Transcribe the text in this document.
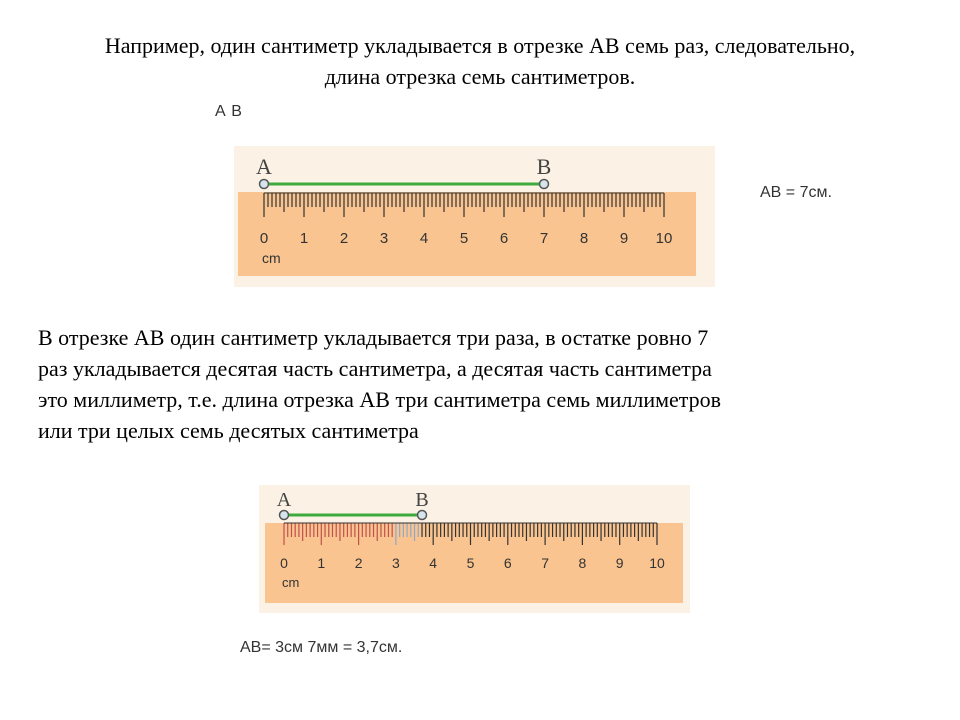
Например, один сантиметр укладывается в отрезке АВ семь раз, следовательно,
длина отрезка семь сантиметров.

A B
0 1 2 3 4 5 6 7 8 9 10
cm
A	B
AB = 7см.

В отрезке АВ один сантиметр укладывается три раза, в остатке ровно 7
раз укладывается десятая часть сантиметра, а десятая часть сантиметра
это миллиметр, т.е. длина отрезка АВ три сантиметра семь миллиметров
или три целых семь десятых сантиметра

0 1 2 3 4 5 6 7 8 9 10
cm
A	B
AB= 3см 7мм = 3,7см.
